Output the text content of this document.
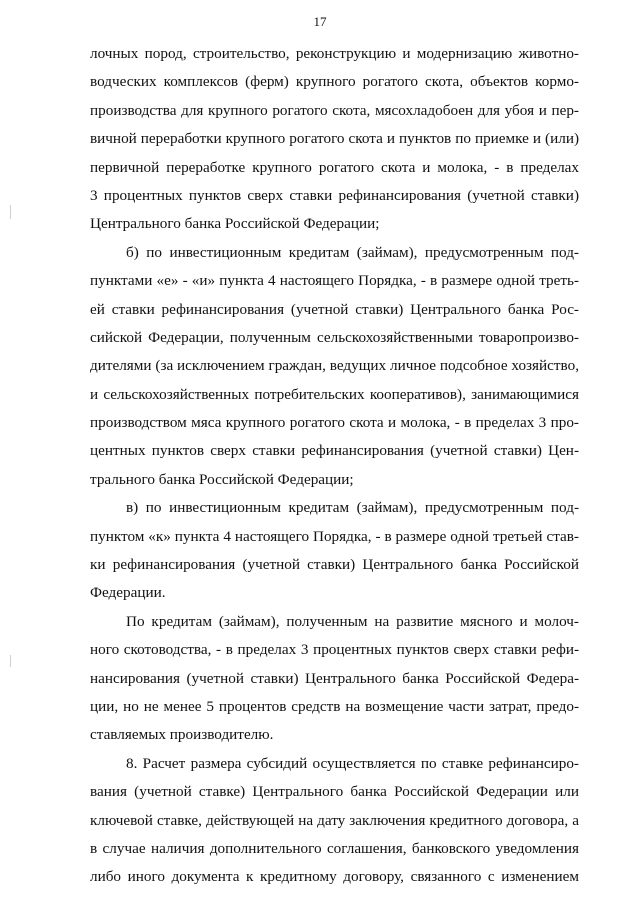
17
лочных пород, строительство, реконструкцию и модернизацию животно-
водческих комплексов (ферм) крупного рогатого скота, объектов кормо-
производства для крупного рогатого скота, мясохладобоен для убоя и пер-
вичной переработки крупного рогатого скота и пунктов по приемке и (или)
первичной переработке крупного рогатого скота и молока, - в пределах
3 процентных пунктов сверх ставки рефинансирования (учетной ставки)
Центрального банка Российской Федерации;
б) по инвестиционным кредитам (займам), предусмотренным под-
пунктами «е» - «и» пункта 4 настоящего Порядка, - в размере одной треть-
ей ставки рефинансирования (учетной ставки) Центрального банка Рос-
сийской Федерации, полученным сельскохозяйственными товаропроизво-
дителями (за исключением граждан, ведущих личное подсобное хозяйство,
и сельскохозяйственных потребительских кооперативов), занимающимися
производством мяса крупного рогатого скота и молока, - в пределах 3 про-
центных пунктов сверх ставки рефинансирования (учетной ставки) Цен-
трального банка Российской Федерации;
в) по инвестиционным кредитам (займам), предусмотренным под-
пунктом «к» пункта 4 настоящего Порядка, - в размере одной третьей став-
ки рефинансирования (учетной ставки) Центрального банка Российской
Федерации.
По кредитам (займам), полученным на развитие мясного и молоч-
ного скотоводства, - в пределах 3 процентных пунктов сверх ставки рефи-
нансирования (учетной ставки) Центрального банка Российской Федера-
ции, но не менее 5 процентов средств на возмещение части затрат, предо-
ставляемых производителю.
8. Расчет размера субсидий осуществляется по ставке рефинансиро-
вания (учетной ставке) Центрального банка Российской Федерации или
ключевой ставке, действующей на дату заключения кредитного договора, а
в случае наличия дополнительного соглашения, банковского уведомления
либо иного документа к кредитному договору, связанного с изменением
